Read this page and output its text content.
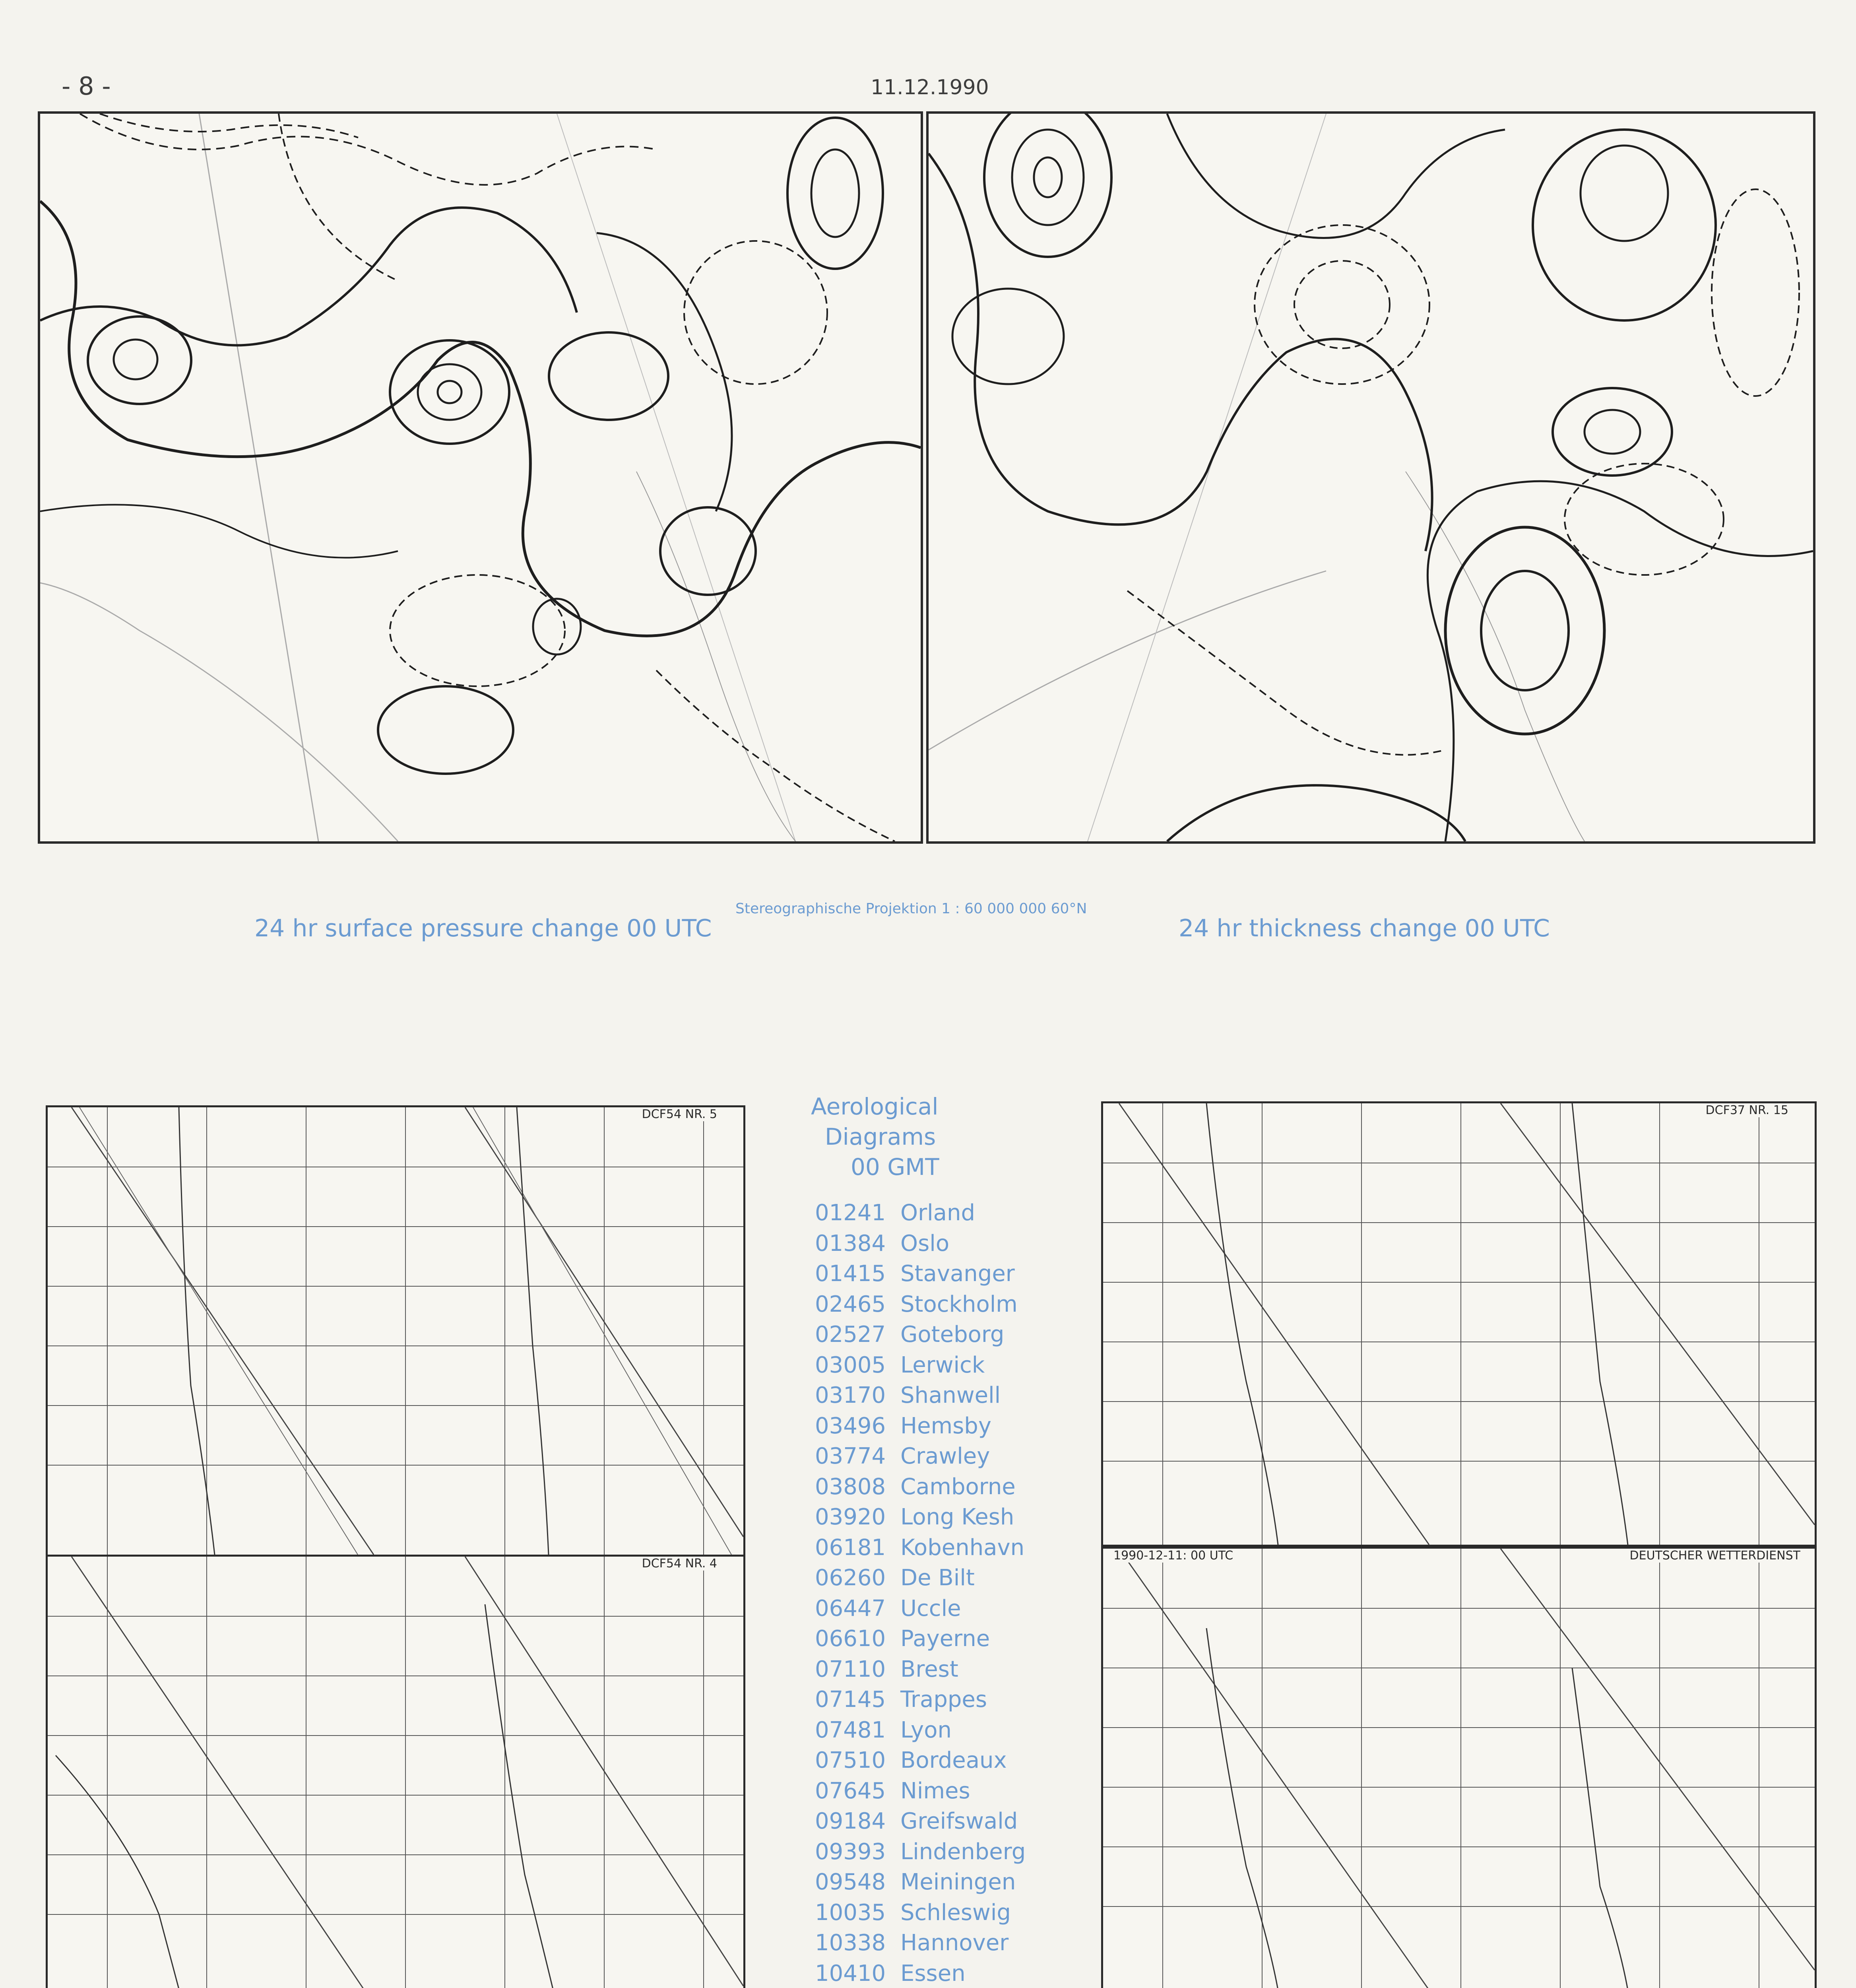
- 8 -	11.12.1990
24 hr surface pressure change 00 UTC
Stereographische Projektion 1 : 60 000 000 60°N
24 hr thickness change 00 UTC
DCF54 NR. 5
DCF54 NR. 4
DCF37 NR. 15
1990-12-11: 00 UTC	DEUTSCHER WETTERDIENST
Aerological
Diagrams
00 GMT
01241 Orland
01384 Oslo
01415 Stavanger
02465 Stockholm
02527 Goteborg
03005 Lerwick
03170 Shanwell
03496 Hemsby
03774 Crawley
03808 Camborne
03920 Long Kesh
06181 Kobenhavn
06260 De Bilt
06447 Uccle
06610 Payerne
07110 Brest
07145 Trappes
07481 Lyon
07510 Bordeaux
07645 Nimes
09184 Greifswald
09393 Lindenberg
09548 Meiningen
10035 Schleswig
10338 Hannover
10410 Essen
